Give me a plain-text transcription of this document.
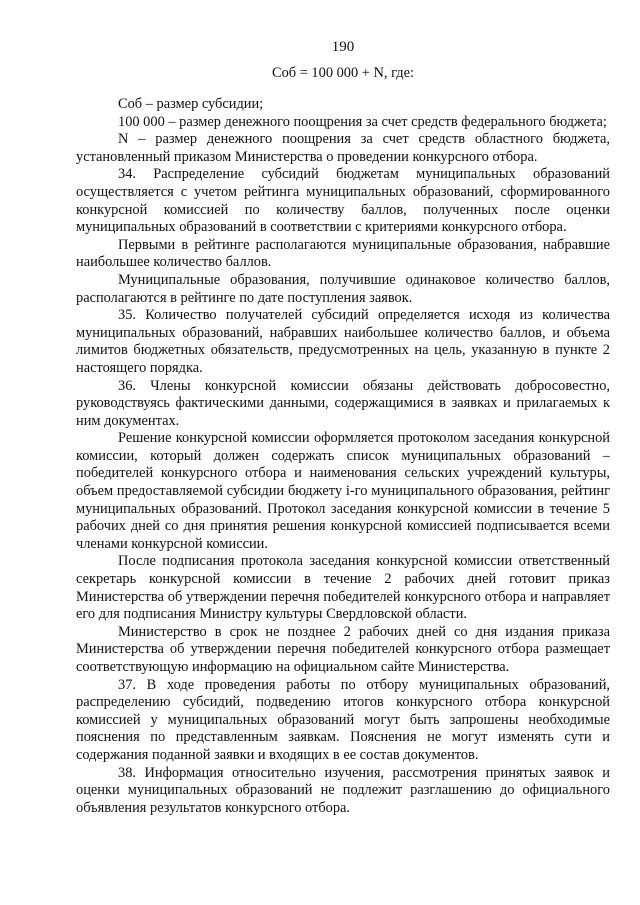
190
Соб = 100 000 + N, где:

Соб – размер субсидии;

100 000 – размер денежного поощрения за счет средств федерального бюджета;

N – размер денежного поощрения за счет средств областного бюджета, установленный приказом Министерства о проведении конкурсного отбора.

34. Распределение субсидий бюджетам муниципальных образований осуществляется с учетом рейтинга муниципальных образований, сформированного конкурсной комиссией по количеству баллов, полученных после оценки муниципальных образований в соответствии с критериями конкурсного отбора.

Первыми в рейтинге располагаются муниципальные образования, набравшие наибольшее количество баллов.

Муниципальные образования, получившие одинаковое количество баллов, располагаются в рейтинге по дате поступления заявок.

35. Количество получателей субсидий определяется исходя из количества муниципальных образований, набравших наибольшее количество баллов, и объема лимитов бюджетных обязательств, предусмотренных на цель, указанную в пункте 2 настоящего порядка.

36. Члены конкурсной комиссии обязаны действовать добросовестно, руководствуясь фактическими данными, содержащимися в заявках и прилагаемых к ним документах.

Решение конкурсной комиссии оформляется протоколом заседания конкурсной комиссии, который должен содержать список муниципальных образований – победителей конкурсного отбора и наименования сельских учреждений культуры, объем предоставляемой субсидии бюджету i-го муниципального образования, рейтинг муниципальных образований. Протокол заседания конкурсной комиссии в течение 5 рабочих дней со дня принятия решения конкурсной комиссией подписывается всеми членами конкурсной комиссии.

После подписания протокола заседания конкурсной комиссии ответственный секретарь конкурсной комиссии в течение 2 рабочих дней готовит приказ Министерства об утверждении перечня победителей конкурсного отбора и направляет его для подписания Министру культуры Свердловской области.

Министерство в срок не позднее 2 рабочих дней со дня издания приказа Министерства об утверждении перечня победителей конкурсного отбора размещает соответствующую информацию на официальном сайте Министерства.

37. В ходе проведения работы по отбору муниципальных образований, распределению субсидий, подведению итогов конкурсного отбора конкурсной комиссией у муниципальных образований могут быть запрошены необходимые пояснения по представленным заявкам. Пояснения не могут изменять сути и содержания поданной заявки и входящих в ее состав документов.

38. Информация относительно изучения, рассмотрения принятых заявок и оценки муниципальных образований не подлежит разглашению до официального объявления результатов конкурсного отбора.
